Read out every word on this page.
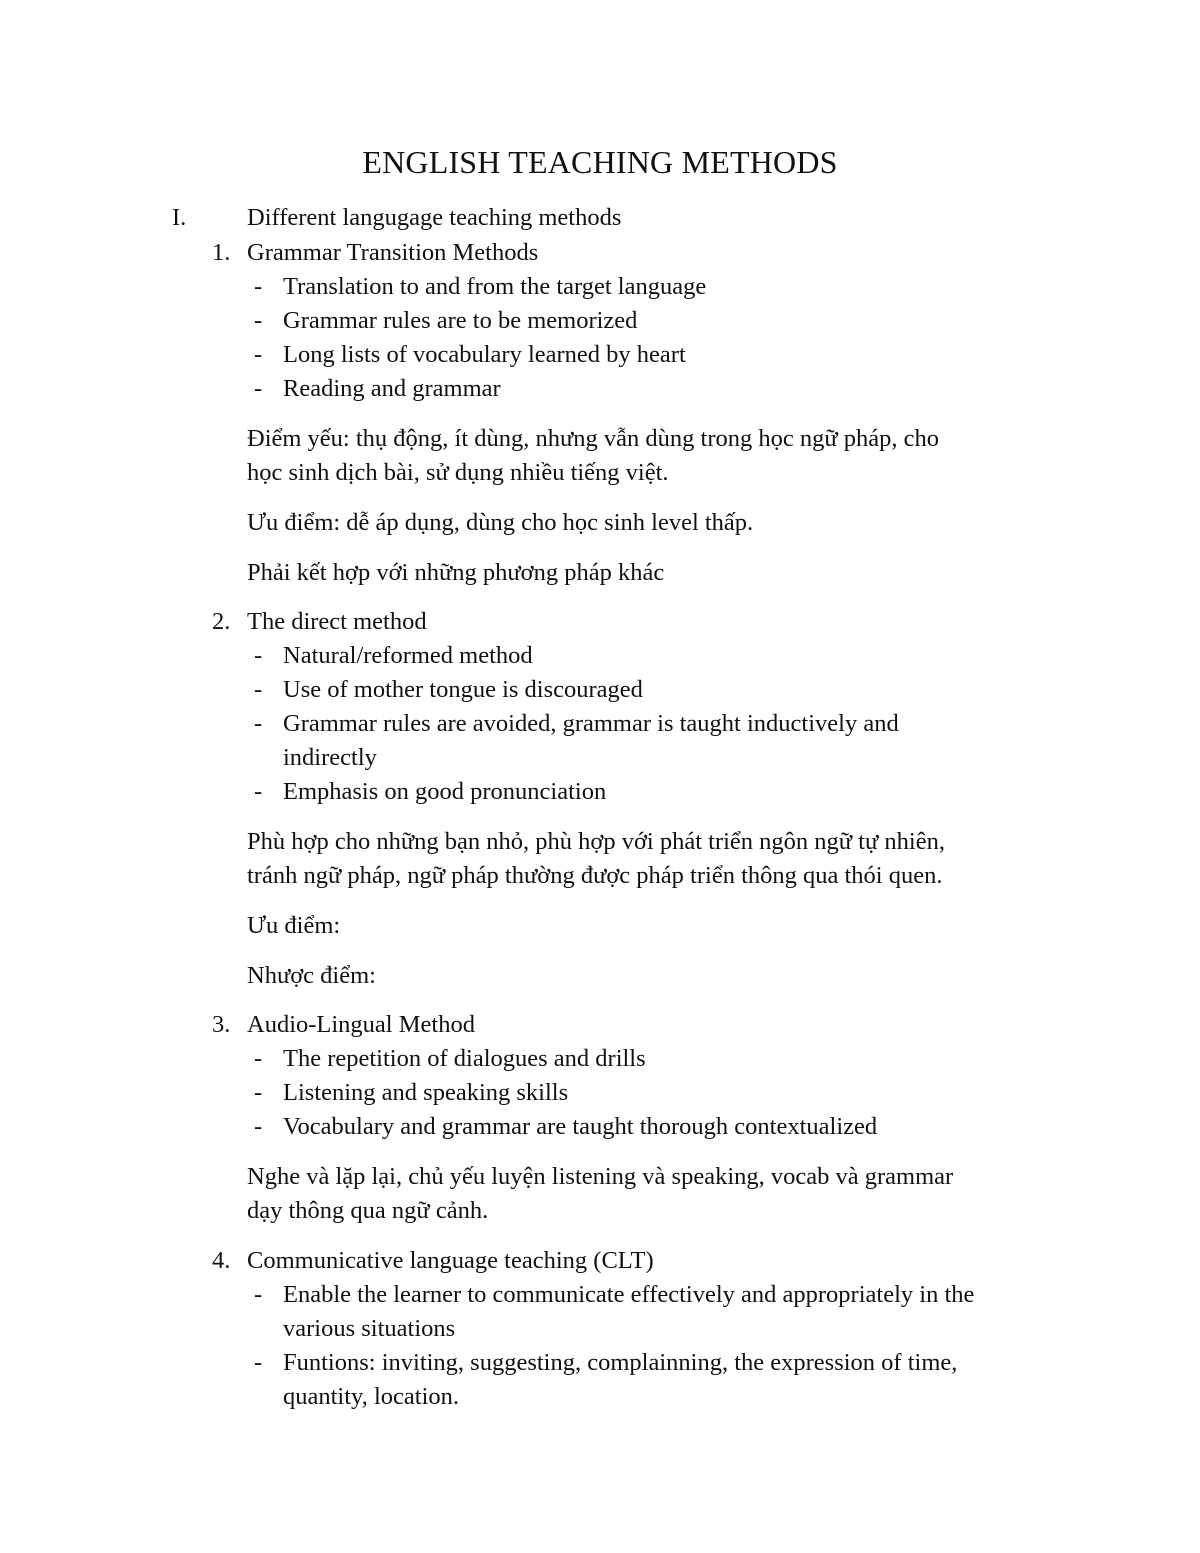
ENGLISH TEACHING METHODS
I. Different langugage teaching methods
1. Grammar Transition Methods
- Translation to and from the target language
- Grammar rules are to be memorized
- Long lists of vocabulary learned by heart
- Reading and grammar
Điểm yếu: thụ động, ít dùng, nhưng vẫn dùng trong học ngữ pháp, cho
học sinh dịch bài, sử dụng nhiều tiếng việt.
Ưu điểm: dễ áp dụng, dùng cho học sinh level thấp.
Phải kết hợp với những phương pháp khác
2. The direct method
- Natural/reformed method
- Use of mother tongue is discouraged
- Grammar rules are avoided, grammar is taught inductively and
indirectly
- Emphasis on good pronunciation
Phù hợp cho những bạn nhỏ, phù hợp với phát triển ngôn ngữ tự nhiên,
tránh ngữ pháp, ngữ pháp thường được pháp triển thông qua thói quen.
Ưu điểm:
Nhược điểm:
3. Audio-Lingual Method
- The repetition of dialogues and drills
- Listening and speaking skills
- Vocabulary and grammar are taught thorough contextualized
Nghe và lặp lại, chủ yếu luyện listening và speaking, vocab và grammar
dạy thông qua ngữ cảnh.
4. Communicative language teaching (CLT)
- Enable the learner to communicate effectively and appropriately in the
various situations
- Funtions: inviting, suggesting, complainning, the expression of time,
quantity, location.
